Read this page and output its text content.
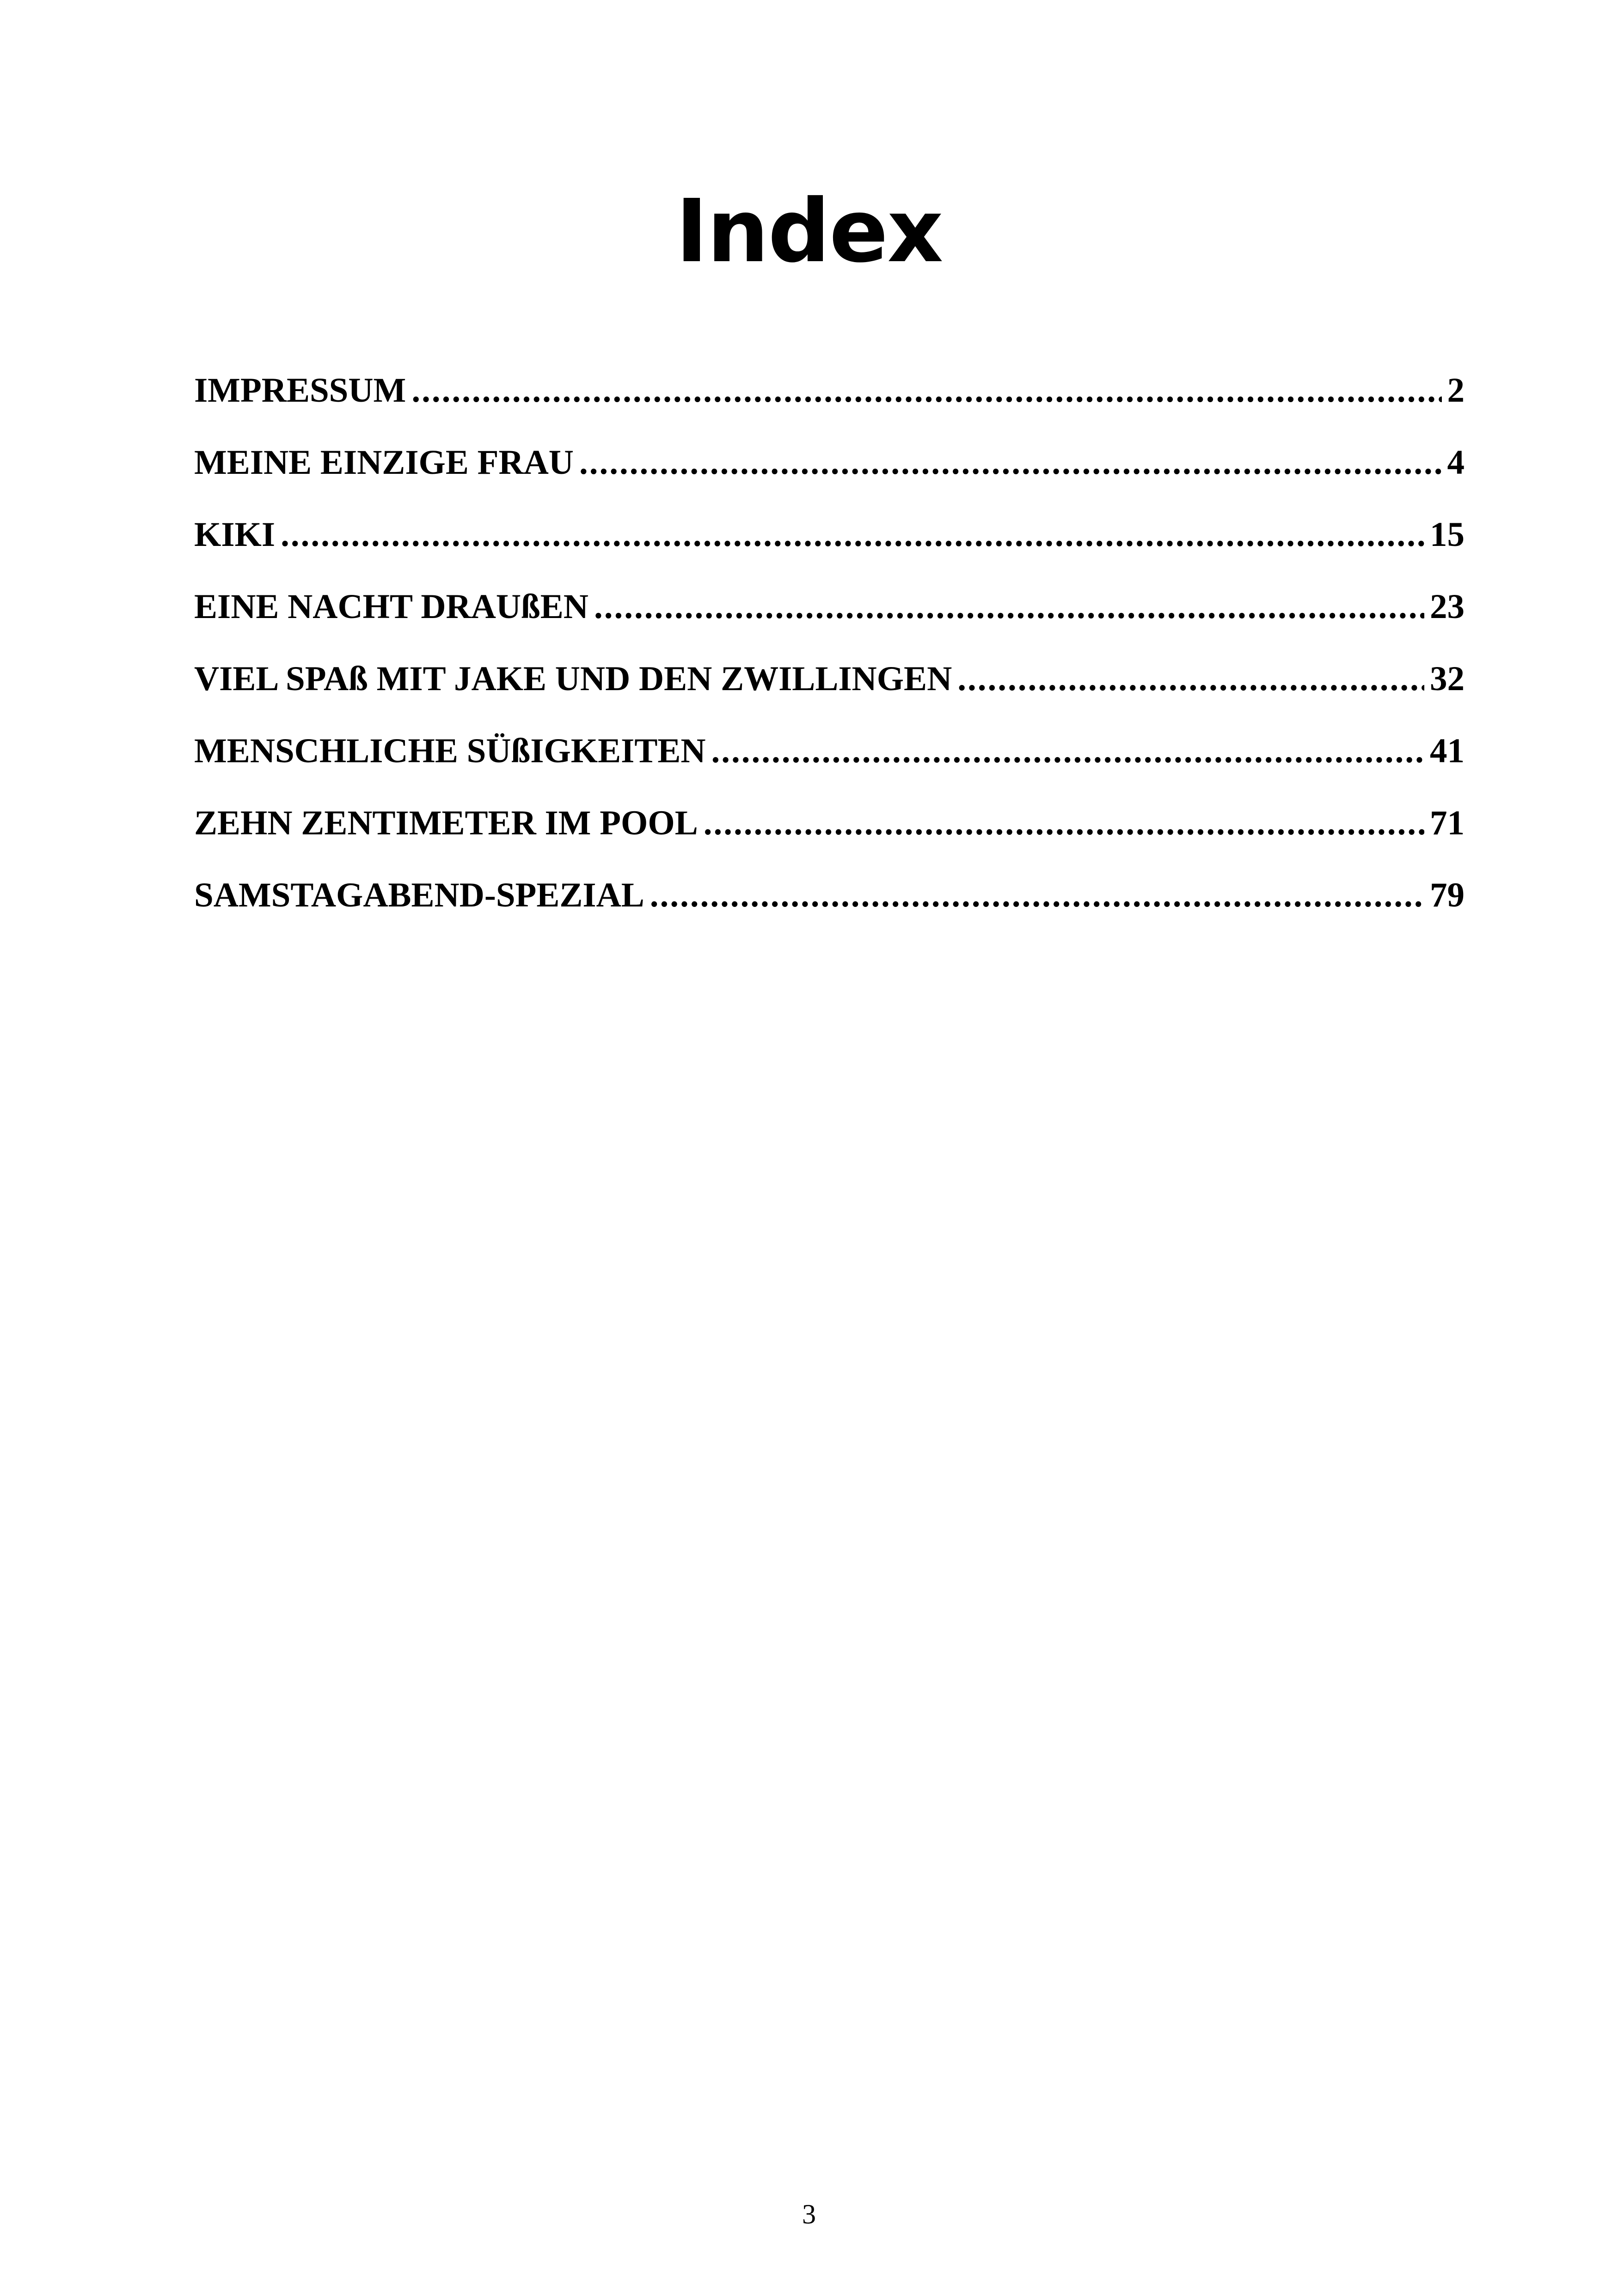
Index
IMPRESSUM .....	2
MEINE EINZIGE FRAU .....	4
KIKI .....	15
EINE NACHT DRAUßEN .....	23
VIEL SPAß MIT JAKE UND DEN ZWILLINGEN .....	32
MENSCHLICHE SÜßIGKEITEN .....	41
ZEHN ZENTIMETER IM POOL .....	71
SAMSTAGABEND-SPEZIAL .....	79
3
